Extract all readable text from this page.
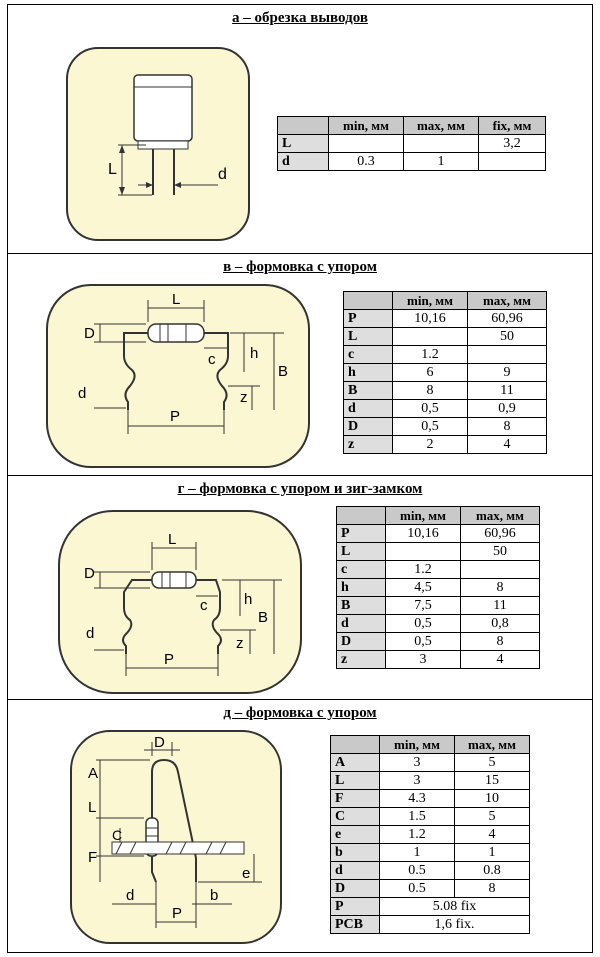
а – обрезка выводов
L	d
	min, мм	max, мм	fix, мм
L			3,2
d	0.3	1	
в – формовка с упором
L
D
c h
B
d	z
P
	min, мм	max, мм
P	10,16	60,96
L		50
c	1.2	
h	6	9
B	8	11
d	0,5	0,9
D	0,5	8
z	2	4
г – формовка с упором и зиг-замком
L
D
c h
B
d
z
P
	min, мм	max, мм
P	10,16	60,96
L		50
c	1.2	
h	4,5	8
B	7,5	11
d	0,5	0,8
D	0,5	8
z	3	4
д – формовка с упором
D
A
L
F
C
e
d	b
P
	min, мм	max, мм
A	3	5
L	3	15
F	4.3	10
C	1.5	5
e	1.2	4
b	1	1
d	0.5	0.8
D	0.5	8
P	5.08 fix	
PCB	1,6 fix.	
